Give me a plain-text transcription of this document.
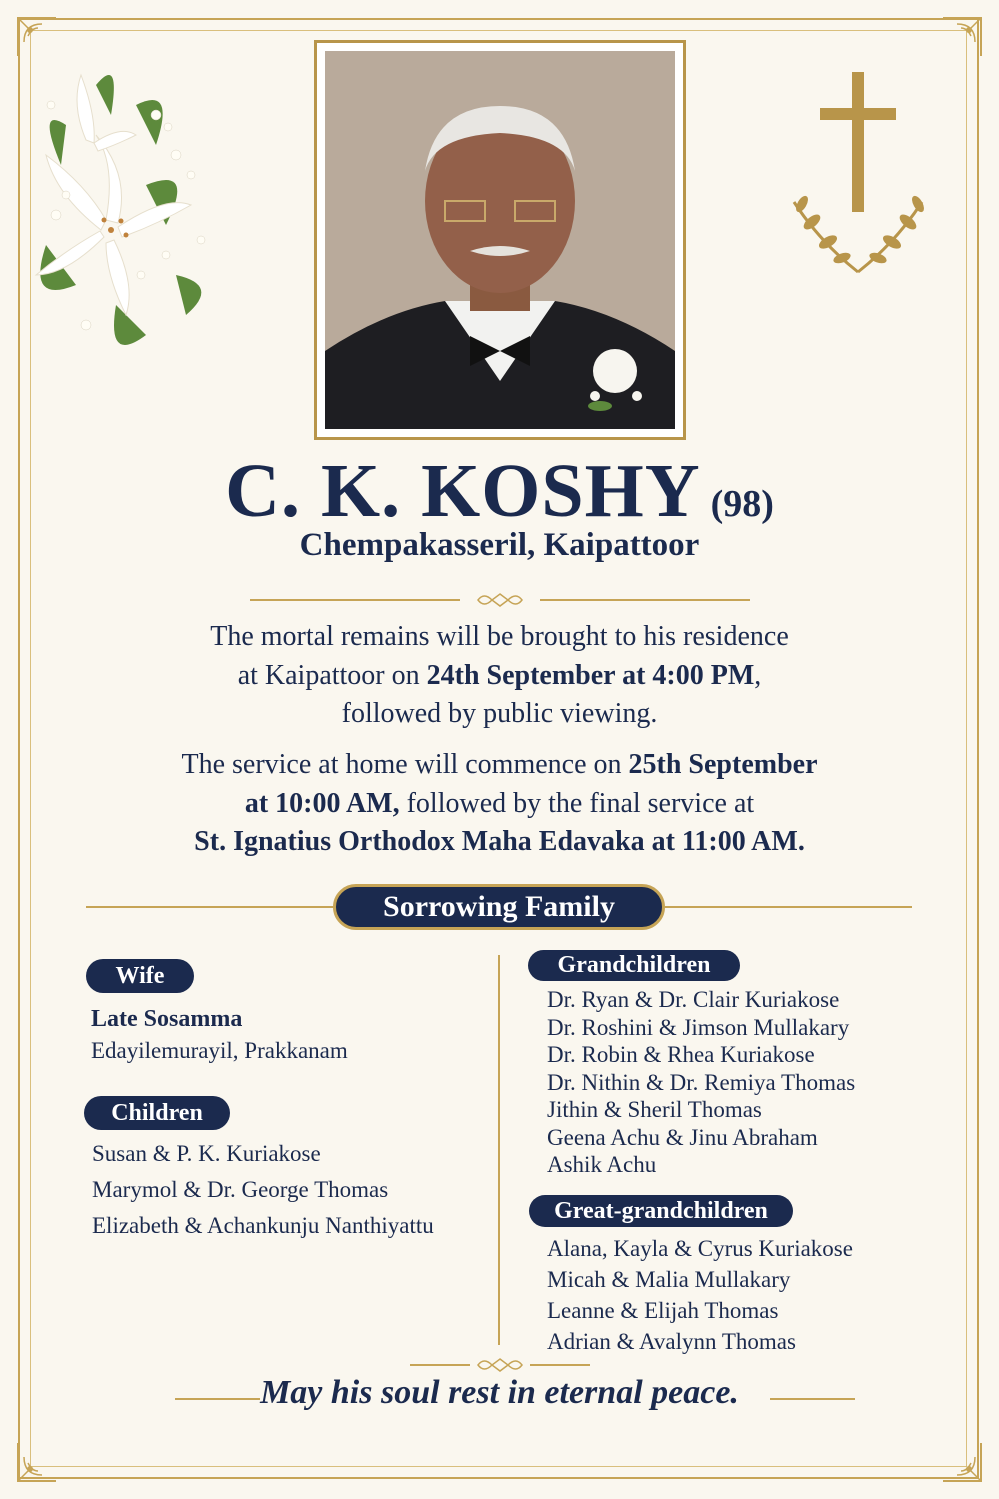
C. K. KOSHY (98)
Chempakasseril, Kaipattoor
The mortal remains will be brought to his residence
at Kaipattoor on 24th September at 4:00 PM,
followed by public viewing.
The service at home will commence on 25th September
at 10:00 AM, followed by the final service at
St. Ignatius Orthodox Maha Edavaka at 11:00 AM.
Sorrowing Family
Wife
Late Sosamma
Edayilemurayil, Prakkanam
Children
Susan & P. K. Kuriakose
Marymol & Dr. George Thomas
Elizabeth & Achankunju Nanthiyattu
Grandchildren
Dr. Ryan & Dr. Clair Kuriakose
Dr. Roshini & Jimson Mullakary
Dr. Robin & Rhea Kuriakose
Dr. Nithin & Dr. Remiya Thomas
Jithin & Sheril Thomas
Geena Achu & Jinu Abraham
Ashik Achu
Great-grandchildren
Alana, Kayla & Cyrus Kuriakose
Micah & Malia Mullakary
Leanne & Elijah Thomas
Adrian & Avalynn Thomas
May his soul rest in eternal peace.
